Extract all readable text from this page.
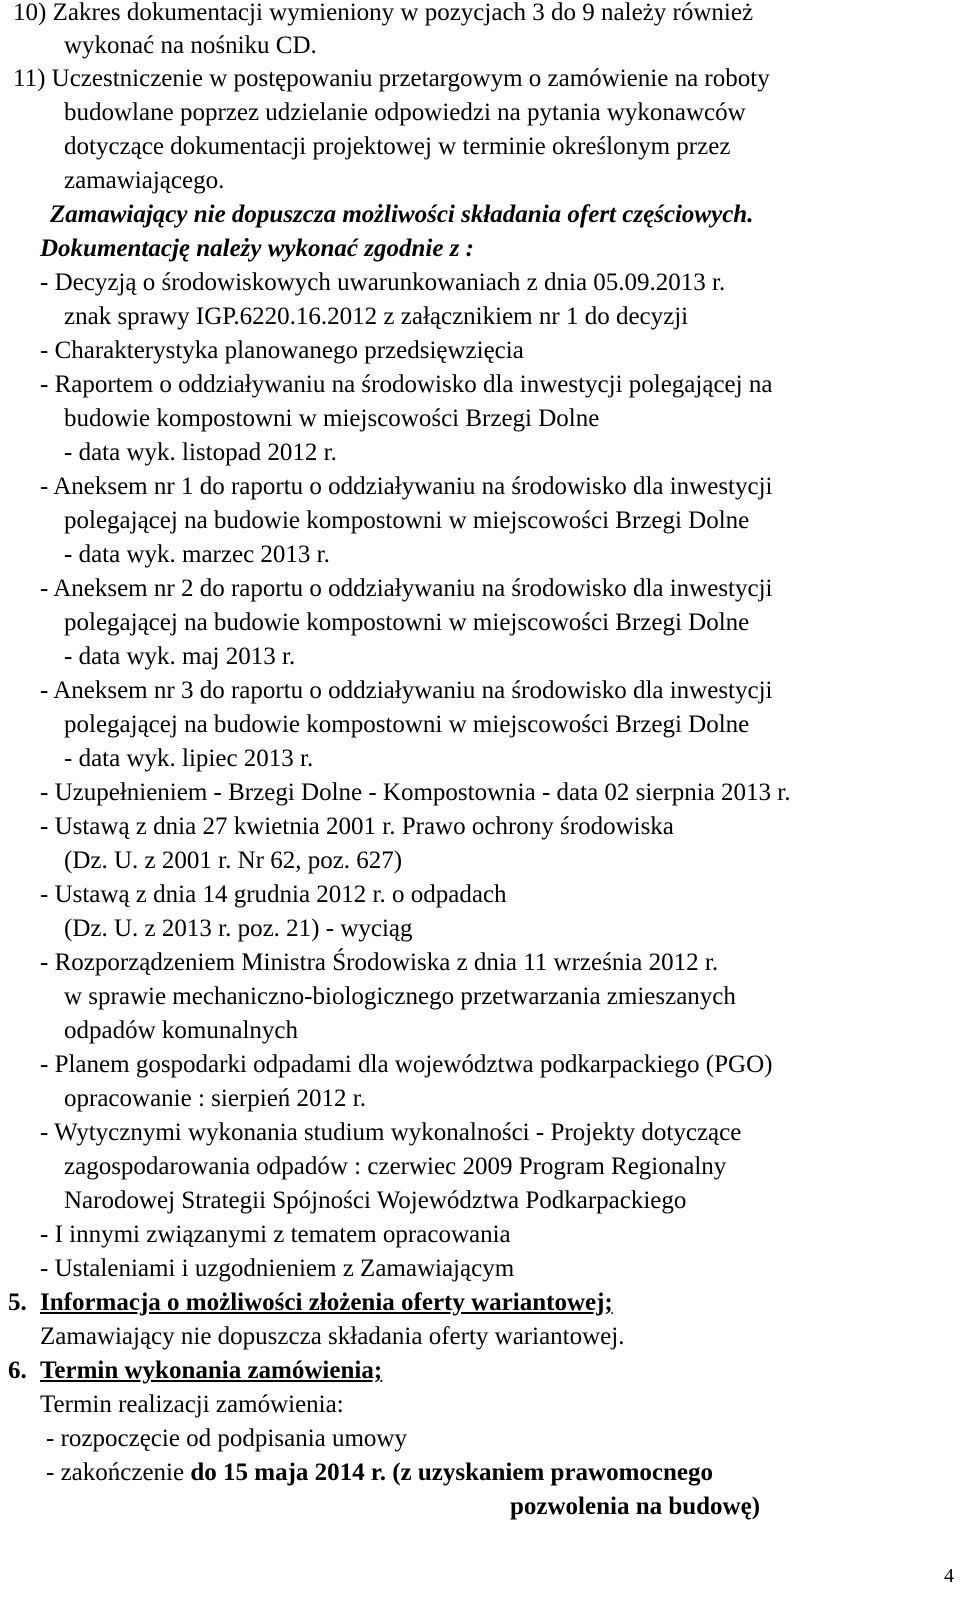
10) Zakres dokumentacji wymieniony w pozycjach 3 do 9 należy również
wykonać na nośniku CD.
11) Uczestniczenie w postępowaniu przetargowym o zamówienie na roboty
budowlane poprzez udzielanie odpowiedzi na pytania wykonawców
dotyczące dokumentacji projektowej w terminie określonym przez
zamawiającego.
Zamawiający nie dopuszcza możliwości składania ofert częściowych.
Dokumentację należy wykonać zgodnie z :
- Decyzją o środowiskowych uwarunkowaniach z dnia 05.09.2013 r.
znak sprawy IGP.6220.16.2012 z załącznikiem nr 1 do decyzji
- Charakterystyka planowanego przedsięwzięcia
- Raportem o oddziaływaniu na środowisko dla inwestycji polegającej na
budowie kompostowni w miejscowości Brzegi Dolne
- data wyk. listopad 2012 r.
- Aneksem nr 1 do raportu o oddziaływaniu na środowisko dla inwestycji
polegającej na budowie kompostowni w miejscowości Brzegi Dolne
- data wyk. marzec 2013 r.
- Aneksem nr 2 do raportu o oddziaływaniu na środowisko dla inwestycji
polegającej na budowie kompostowni w miejscowości Brzegi Dolne
- data wyk. maj 2013 r.
- Aneksem nr 3 do raportu o oddziaływaniu na środowisko dla inwestycji
polegającej na budowie kompostowni w miejscowości Brzegi Dolne
- data wyk. lipiec 2013 r.
- Uzupełnieniem - Brzegi Dolne - Kompostownia - data 02 sierpnia 2013 r.
- Ustawą z dnia 27 kwietnia 2001 r. Prawo ochrony środowiska
(Dz. U. z 2001 r. Nr 62, poz. 627)
- Ustawą z dnia 14 grudnia 2012 r. o odpadach
(Dz. U. z 2013 r. poz. 21) - wyciąg
- Rozporządzeniem Ministra Środowiska z dnia 11 września 2012 r.
w sprawie mechaniczno-biologicznego przetwarzania zmieszanych
odpadów komunalnych
- Planem gospodarki odpadami dla województwa podkarpackiego (PGO)
opracowanie : sierpień 2012 r.
- Wytycznymi wykonania studium wykonalności - Projekty dotyczące
zagospodarowania odpadów : czerwiec 2009 Program Regionalny
Narodowej Strategii Spójności Województwa Podkarpackiego
- I innymi związanymi z tematem opracowania
- Ustaleniami i uzgodnieniem z Zamawiającym
5. Informacja o możliwości złożenia oferty wariantowej;
Zamawiający nie dopuszcza składania oferty wariantowej.
6. Termin wykonania zamówienia;
Termin realizacji zamówienia:
- rozpoczęcie od podpisania umowy
- zakończenie do 15 maja 2014 r. (z uzyskaniem prawomocnego
pozwolenia na budowę)
4
